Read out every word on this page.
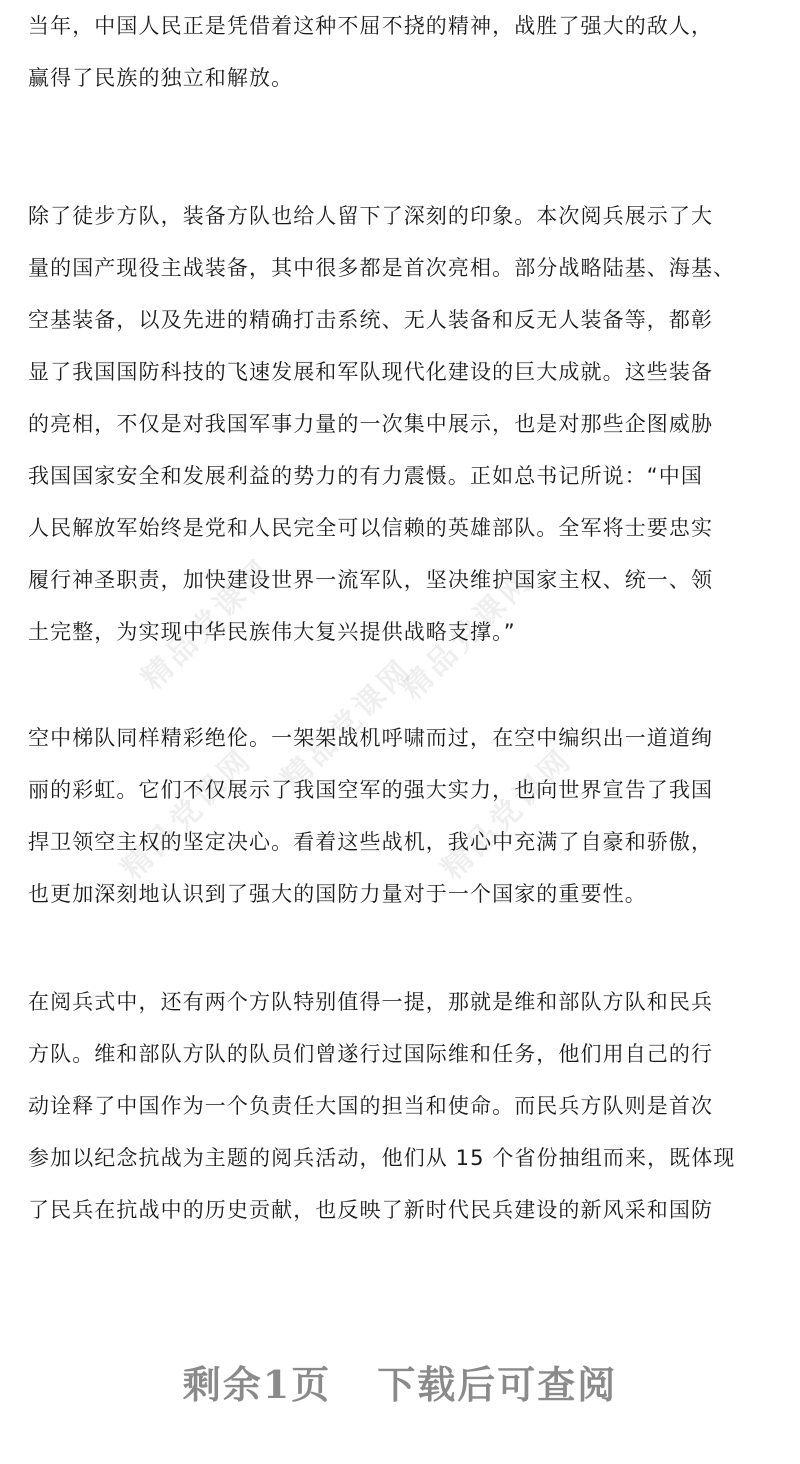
精品党课网	精品党课网
精品党课网	精品党课网
精品党课网

当年，中国人民正是凭借着这种不屈不挠的精神，战胜了强大的敌人，
赢得了民族的独立和解放。

除了徒步方队，装备方队也给人留下了深刻的印象。本次阅兵展示了大
量的国产现役主战装备，其中很多都是首次亮相。部分战略陆基、海基、
空基装备，以及先进的精确打击系统、无人装备和反无人装备等，都彰
显了我国国防科技的飞速发展和军队现代化建设的巨大成就。这些装备
的亮相，不仅是对我国军事力量的一次集中展示，也是对那些企图威胁
我国国家安全和发展利益的势力的有力震慑。正如总书记所说：“中国
人民解放军始终是党和人民完全可以信赖的英雄部队。全军将士要忠实
履行神圣职责，加快建设世界一流军队，坚决维护国家主权、统一、领
土完整，为实现中华民族伟大复兴提供战略支撑。”

空中梯队同样精彩绝伦。一架架战机呼啸而过，在空中编织出一道道绚
丽的彩虹。它们不仅展示了我国空军的强大实力，也向世界宣告了我国
捍卫领空主权的坚定决心。看着这些战机，我心中充满了自豪和骄傲，
也更加深刻地认识到了强大的国防力量对于一个国家的重要性。

在阅兵式中，还有两个方队特别值得一提，那就是维和部队方队和民兵
方队。维和部队方队的队员们曾遂行过国际维和任务，他们用自己的行
动诠释了中国作为一个负责任大国的担当和使命。而民兵方队则是首次
参加以纪念抗战为主题的阅兵活动，他们从 15 个省份抽组而来，既体现
了民兵在抗战中的历史贡献，也反映了新时代民兵建设的新风采和国防

剩余1页 下载后可查阅
